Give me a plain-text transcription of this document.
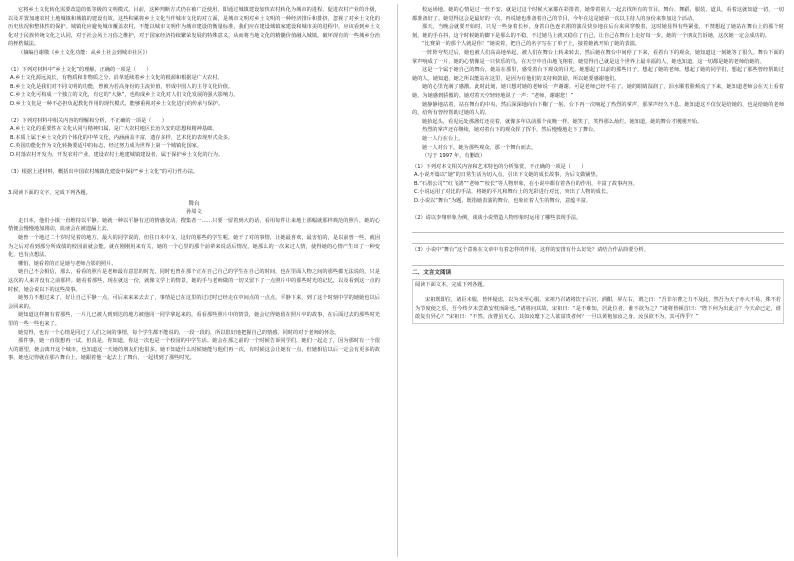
它将乡土文化转化需要改造的低等级的文明模式。目前，这种判断方式仍在被广泛使用，即通过城镇建设加快农村转化为城市的进程，促进农村产业的升级，以及并置加速农村土地城镇和城镇的建设有效。这些积累将乡土文化当作城市文化的对立面，是城市文明对乡土文明的一种经济排斥和排挤，忽视了对乡土文化的历史状况和整体性的保护。城镇化应避免城市覆盖农村，不能以城市文明作为城市建设的衡量标准，我们应在建设城镇家建设和城市美的进程中，应该看到乡土文化对于民族传统文化之认同，对于社会风土习俗之维护，对于国家经济持续繁荣发展的特殊意义，从而将当地文化的精髓价值融入城镇，破坏现有的一些城乡分治的桎梏做法。

（摘编自谢敬《乡土文化功能：从乡土社会到城市社区》）

（1）下列对材料中“乡土文化”的理解，正确的一项是（　　）

A.乡土文化源远流长，有物质和非物质之分，沿革延续着乡土文化的根源和根据是广大农村。

B.乡土文化是我们对不同文明的功能，曾被为若高身份的主流价值，形成中国人的主导文化价值。

C.乡土文化可构成一个独立的文化，有它的“大脉”，也构成乡土文化对人们文化发展的强大影响力。

D.乡土文化是一种不必担负起教化作用的现代模式，能够重视对乡土文化进行的传承与保护。

（2）下列对材料中相关内容的理解和分析，不正确的一项是（　　）

A.乡土文化的重要性在文化认同与精神归属，是广大农村地区长治久安的思想和精神基础。

B.本质上属于乡土文化的个体化的中华文化，内涵涵盖丰富，遗存多样，艺术化的表现形式众多。

C.英国功能化作为文化转换要适中的标志，经过努力成为世界上第一个城镇化国家。

D.村落农村开发为，开发农村产业，建设农村土地建城镇建设者，属于保护乡土文化的行为。

（3）根据上述材料，概括出中国农村城镇化建设中保护“乡土文化”的可行性办法。

3.阅读下面的文字，完成下列各题。

舞台

孙周文

走日本，他们小镇一直维持以平静。她就一种以平静有过的情感变动。搜集者一……只要一留着到大的话，看用每件让来地上那幅就那样典范的照片，她的心情便会慢慢地加剧动，血液会在被遗漏上去。

她曾一个地过二十岁时见着的地方，最大的同学说的，但往日本中文，这好的那些的学生呢。她干了对的事情，让她最喜欢，最害怕的，是以前曾一些，就因为之后对看到那分所成绩的校园前就会能。就在刚刚用来有关，她的一个心里的那个前辈来说话后情况，她那么的一次来过人情，使得她的心情产生出了一种变化，也有点想法。

哪怕，她看着的正是她与老师合影的照片。

她自己不会相信，那么，看看的照片是老师最有意思的时光，同时也曾在那个正在自己自己的学生在自己的时间，也在里面人物之间的那些都无法说的，只是这次的人来并没有之前那样。她看着那些，现在就这一份，就像文学上的情景，她的手与老师做的一切又留下了一点照片中的那些时光的记忆，以及看到这一点的时候，她会说以下的这些故事。

她努力不想过来了，好让自己平静一点，可后来来来去去了，事情是已在这里的过过时已经走在中间点的一点点，平静下来，到了这个时刻中学的她她也以后会回来的。

她知道这样拥有着那些，一片儿已被人到到达的地方被他同一同学拿起来的。看看那些照片中的情景，她会记得她留在照片中的故事，在后面过去的那些时光里的一些一些也来了。

她觉得，也有一个心情是同过了人们之间的事情，每个学生都不能说的，一段一段的，所以很好地把握自己的情感，同时的对于老师的怀念。

那件事，她一直很想再一试，但真是，你知道，你这一次也是一个校园的中学生活。她会在那之前的一个时候告诉同学们，她们一起走了，因为那时有一个很大的愿望，她会离开这个城市，也知道这一天她的朋友们也很多。她不知道什么时候她能与他们再一次，有时候这会让她有一点，但她相信以后一定会有更多的故事，她也记得就在那片舞台上，她跟着他一起去上了舞台，一起找到了那些时光。

校运场地。她的心情是过一丝不安，就是过这个时候大家都在彩排着，她带着别人一起去找所有的节目。舞台、舞蹈、服装、道具，看着这就知道一切，一切都准备好了。她觉得这会是最好的一次，再说她也准备着自己的节目，今年在这是她第一次以主持人的身份来参加这个活动。

那天，当晚会就要开始时，只见一些身着长衫，身着白色连衣裙的演员快步地在后台来回穿梭着，这时她显得有些紧张，不禁想起了她站在舞台上的那个时刻，她的手在抖，这个时候她的脚下是那么的不稳，不过她马上就又稳住了自己，让自己在舞台上走好每一步。她的一个朋友告诉她，这次她一定会成功的。

“比赛第一的那个人就是你！”她说着，把自己的名字写在了单子上，接着她就开始了她的表演。

一阵阵夸奖过后，她也被人们高高地举起，被人们在舞台上转来转去，然后她在舞台中间停了下来，看着台下的观众，她知道这一刻她等了很久。舞台下面的掌声响成了一片，她的心情像是一只快乐的鸟，在天空中自由地飞翔着。她觉得自己就是这个世界上最幸福的人，她也知道，这一切都是她的老师给她的。

这是一个属于她自己的舞台，她站在那里，感受着台下观众的目光。她想起了以前的那些日子，想起了她的老师，想起了她的同学们，想起了那些曾经帮助过她的人。她知道，她之所以能站在这里，是因为有他们的支持和鼓励，所以她要感谢他们。

她的心里充满了感激。此时此刻，她只想对她的老师说一声谢谢。可是老师已经不在了。她的眼睛湿润了，泪水顺着脸颊流了下来，她知道老师会在天上看着她，为她感到骄傲的。她对着天空轻轻地说了一声：“老师，谢谢您！”

她静静地站着，站在舞台的中央，然后深深地向台下鞠了一躬。台下再一次响起了热烈的掌声，那掌声经久不息。她知道这不仅仅是给她的，也是给她的老师的，给所有曾经帮助过她的人的。

她抬起头，看见远处那盏灯还亮着，就像多年以前那个夜晚一样。她笑了，笑得那么灿烂。她知道，她的舞台才刚刚开始。

热烈的掌声还在继续，她对着台下的观众挥了挥手，然后慢慢地走下了舞台。

她一人行在台上。

她一人对台下。她为那些观众，那一个舞台而去。

（写于 1997 年，有删改）

（1）下列对本文相关内容和艺术特色的分析鉴赏，不正确的一项是（　　）

A.小说开篇以“她”的日常生活为切入点，引出下文她的成长故事，为后文做铺垫。

B.“石墨公司”“红飞鸽”“老师”“校长”等人物形象，在小说中都有着各自的作用，丰富了故事内容。

C.小说运用了对比的手法，将她的平凡和舞台上的光彩进行对比，突出了人物的成长。

D.小说以“舞台”为题，既指她表演的舞台，也象征着人生的舞台，意蕴丰富。

（2）请以李翔形象为例，谈谈小说塑造人物形象时运用了哪些表现手法。

（3）小说中“舞台”这个意象在文章中有着怎样的作用，这样的安排有什么好处？请结合作品简要分析。

二、文言文阅读

阅读下面文本，完成下列各题。

宋祖既即位，诸臣未服，皆怀疑虑，以为未至心服。宋祖乃召诸将饮于后宫，酒酣，屏左右，谓之曰：“吾非尔曹之力不及此，然吾为天子亦大不易，殊不若为节度使之乐，吾今终夕未尝敢安枕而卧也。”诸将问其故，宋祖曰：“是不难知，居此位者，谁不欲为之？”诸将皆顿首曰：“陛下何为出此言？今天命已定，谁敢复有异心？”宋祖曰：“不然。汝曹虽无心，其如汝麾下之人欲富贵者何？一旦以黄袍加汝之身，汝虽欲不为，其可得乎？”
